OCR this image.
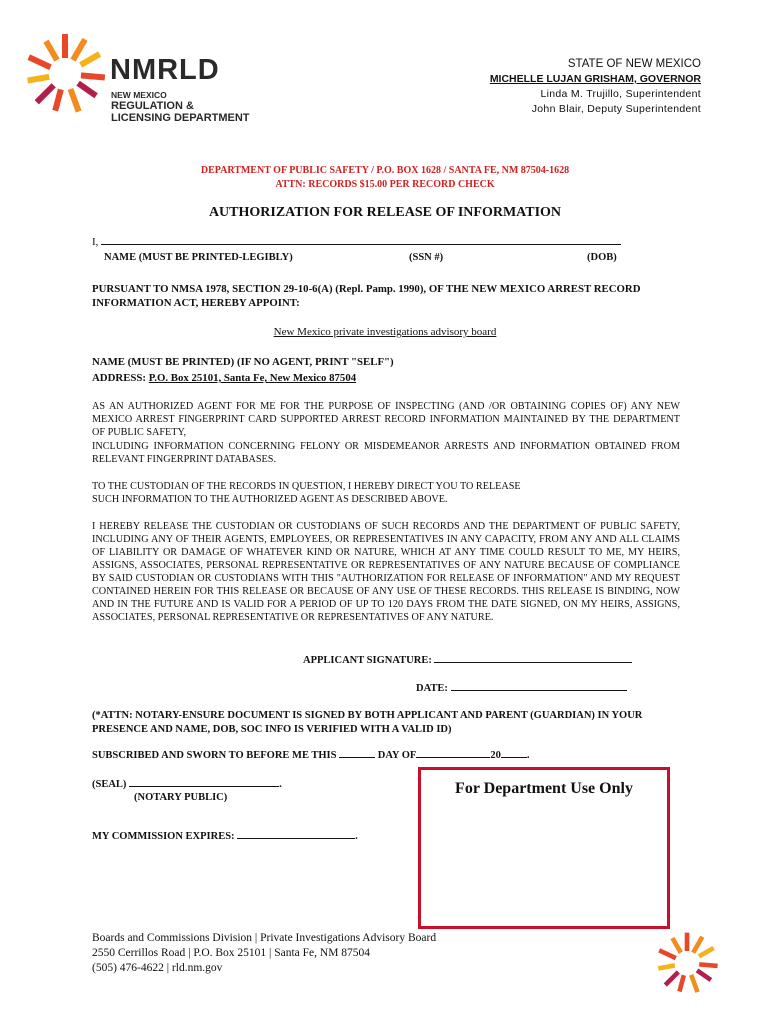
NMRLD
NEW MEXICO
REGULATION &
LICENSING DEPARTMENT
STATE OF NEW MEXICO
MICHELLE LUJAN GRISHAM, GOVERNOR
Linda M. Trujillo, Superintendent
John Blair, Deputy Superintendent
DEPARTMENT OF PUBLIC SAFETY / P.O. BOX 1628 / SANTA FE, NM 87504-1628
ATTN: RECORDS $15.00 PER RECORD CHECK
AUTHORIZATION FOR RELEASE OF INFORMATION
I,
NAME (MUST BE PRINTED-LEGIBLY)	(SSN #)	(DOB)
PURSUANT TO NMSA 1978, SECTION 29-10-6(A) (Repl. Pamp. 1990), OF THE NEW MEXICO ARREST RECORD INFORMATION ACT, HEREBY APPOINT:
New Mexico private investigations advisory board
NAME (MUST BE PRINTED) (IF NO AGENT, PRINT "SELF")
ADDRESS: P.O. Box 25101, Santa Fe, New Mexico 87504
AS AN AUTHORIZED AGENT FOR ME FOR THE PURPOSE OF INSPECTING (AND /OR OBTAINING COPIES OF) ANY NEW MEXICO ARREST FINGERPRINT CARD SUPPORTED ARREST RECORD INFORMATION MAINTAINED BY THE DEPARTMENT OF PUBLIC SAFETY,
INCLUDING INFORMATION CONCERNING FELONY OR MISDEMEANOR ARRESTS AND INFORMATION OBTAINED FROM RELEVANT FINGERPRINT DATABASES.
TO THE CUSTODIAN OF THE RECORDS IN QUESTION, I HEREBY DIRECT YOU TO RELEASE
SUCH INFORMATION TO THE AUTHORIZED AGENT AS DESCRIBED ABOVE.
I HEREBY RELEASE THE CUSTODIAN OR CUSTODIANS OF SUCH RECORDS AND THE DEPARTMENT OF PUBLIC SAFETY, INCLUDING ANY OF THEIR AGENTS, EMPLOYEES, OR REPRESENTATIVES IN ANY CAPACITY, FROM ANY AND ALL CLAIMS OF LIABILITY OR DAMAGE OF WHATEVER KIND OR NATURE, WHICH AT ANY TIME COULD RESULT TO ME, MY HEIRS, ASSIGNS, ASSOCIATES, PERSONAL REPRESENTATIVE OR REPRESENTATIVES OF ANY NATURE BECAUSE OF COMPLIANCE BY SAID CUSTODIAN OR CUSTODIANS WITH THIS "AUTHORIZATION FOR RELEASE OF INFORMATION" AND MY REQUEST CONTAINED HEREIN FOR THIS RELEASE OR BECAUSE OF ANY USE OF THESE RECORDS. THIS RELEASE IS BINDING, NOW AND IN THE FUTURE AND IS VALID FOR A PERIOD OF UP TO 120 DAYS FROM THE DATE SIGNED, ON MY HEIRS, ASSIGNS, ASSOCIATES, PERSONAL REPRESENTATIVE OR REPRESENTATIVES OF ANY NATURE.
APPLICANT SIGNATURE:
DATE:
(*ATTN: NOTARY-ENSURE DOCUMENT IS SIGNED BY BOTH APPLICANT AND PARENT (GUARDIAN) IN YOUR PRESENCE AND NAME, DOB, SOC INFO IS VERIFIED WITH A VALID ID)
SUBSCRIBED AND SWORN TO BEFORE ME THIS	DAY OF	20 .
(SEAL)	.
(NOTARY PUBLIC)
MY COMMISSION EXPIRES:	.
For Department Use Only
Boards and Commissions Division | Private Investigations Advisory Board
2550 Cerrillos Road | P.O. Box 25101 | Santa Fe, NM 87504
(505) 476-4622 | rld.nm.gov
